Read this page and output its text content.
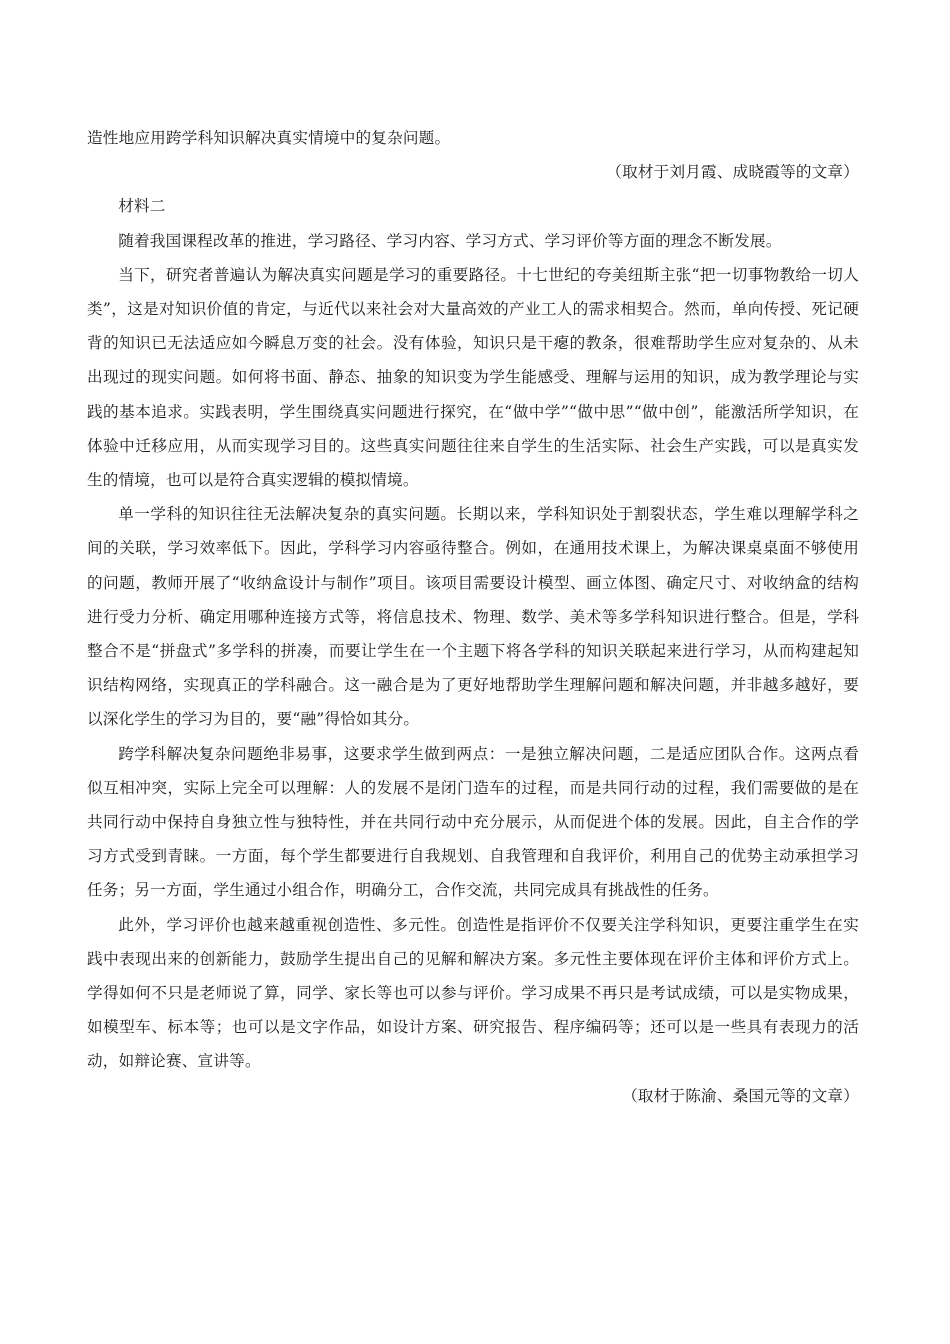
造性地应用跨学科知识解决真实情境中的复杂问题。

（取材于刘月霞、成晓霞等的文章）

材料二

随着我国课程改革的推进，学习路径、学习内容、学习方式、学习评价等方面的理念不断发展。

当下，研究者普遍认为解决真实问题是学习的重要路径。十七世纪的夸美纽斯主张“把一切事物教给一切人类”，这是对知识价值的肯定，与近代以来社会对大量高效的产业工人的需求相契合。然而，单向传授、死记硬背的知识已无法适应如今瞬息万变的社会。没有体验，知识只是干瘪的教条，很难帮助学生应对复杂的、从未出现过的现实问题。如何将书面、静态、抽象的知识变为学生能感受、理解与运用的知识，成为教学理论与实践的基本追求。实践表明，学生围绕真实问题进行探究，在“做中学”“做中思”“做中创”，能激活所学知识，在体验中迁移应用，从而实现学习目的。这些真实问题往往来自学生的生活实际、社会生产实践，可以是真实发生的情境，也可以是符合真实逻辑的模拟情境。

单一学科的知识往往无法解决复杂的真实问题。长期以来，学科知识处于割裂状态，学生难以理解学科之间的关联，学习效率低下。因此，学科学习内容亟待整合。例如，在通用技术课上，为解决课桌桌面不够使用的问题，教师开展了“收纳盒设计与制作”项目。该项目需要设计模型、画立体图、确定尺寸、对收纳盒的结构进行受力分析、确定用哪种连接方式等，将信息技术、物理、数学、美术等多学科知识进行整合。但是，学科整合不是“拼盘式”多学科的拼凑，而要让学生在一个主题下将各学科的知识关联起来进行学习，从而构建起知识结构网络，实现真正的学科融合。这一融合是为了更好地帮助学生理解问题和解决问题，并非越多越好，要以深化学生的学习为目的，要“融”得恰如其分。

跨学科解决复杂问题绝非易事，这要求学生做到两点：一是独立解决问题，二是适应团队合作。这两点看似互相冲突，实际上完全可以理解：人的发展不是闭门造车的过程，而是共同行动的过程，我们需要做的是在共同行动中保持自身独立性与独特性，并在共同行动中充分展示，从而促进个体的发展。因此，自主合作的学习方式受到青睐。一方面，每个学生都要进行自我规划、自我管理和自我评价，利用自己的优势主动承担学习任务；另一方面，学生通过小组合作，明确分工，合作交流，共同完成具有挑战性的任务。

此外，学习评价也越来越重视创造性、多元性。创造性是指评价不仅要关注学科知识，更要注重学生在实践中表现出来的创新能力，鼓励学生提出自己的见解和解决方案。多元性主要体现在评价主体和评价方式上。学得如何不只是老师说了算，同学、家长等也可以参与评价。学习成果不再只是考试成绩，可以是实物成果，如模型车、标本等；也可以是文字作品，如设计方案、研究报告、程序编码等；还可以是一些具有表现力的活动，如辩论赛、宣讲等。

（取材于陈渝、桑国元等的文章）
